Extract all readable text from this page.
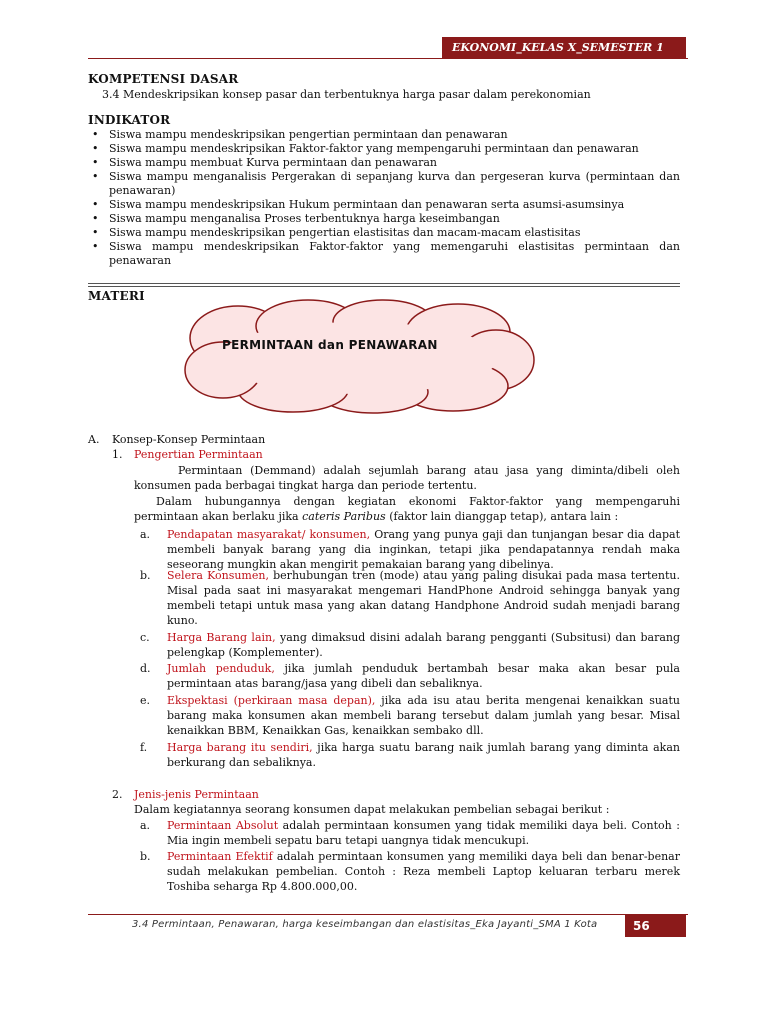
EKONOMI_KELAS X_SEMESTER 1
KOMPETENSI DASAR
3.4 Mendeskripsikan konsep pasar dan terbentuknya harga pasar dalam perekonomian
INDIKATOR
• Siswa mampu mendeskripsikan pengertian permintaan dan penawaran
• Siswa mampu mendeskripsikan Faktor-faktor yang mempengaruhi permintaan dan penawaran
• Siswa mampu membuat Kurva permintaan dan penawaran
• Siswa mampu menganalisis Pergerakan di sepanjang kurva dan pergeseran kurva (permintaan dan penawaran)
• Siswa mampu mendeskripsikan Hukum permintaan dan penawaran serta asumsi-asumsinya
• Siswa mampu menganalisa Proses terbentuknya harga keseimbangan
• Siswa mampu mendeskripsikan pengertian elastisitas dan macam-macam elastisitas
• Siswa mampu mendeskripsikan Faktor-faktor yang memengaruhi elastisitas permintaan dan penawaran
MATERI
PERMINTAAN dan PENAWARAN
A. Konsep-Konsep Permintaan
1. Pengertian Permintaan
Permintaan (Demmand) adalah sejumlah barang atau jasa yang diminta/dibeli oleh konsumen pada berbagai tingkat harga dan periode tertentu.
Dalam hubungannya dengan kegiatan ekonomi Faktor-faktor yang mempengaruhi permintaan akan berlaku jika cateris Paribus (faktor lain dianggap tetap), antara lain :
a.	Pendapatan masyarakat/ konsumen, Orang yang punya gaji dan tunjangan besar dia dapat membeli banyak barang yang dia inginkan, tetapi jika pendapatannya rendah maka seseorang mungkin akan mengirit pemakaian barang yang dibelinya.
b.	Selera Konsumen, berhubungan tren (mode) atau yang paling disukai pada masa tertentu. Misal pada saat ini masyarakat mengemari HandPhone Android sehingga banyak yang membeli tetapi untuk masa yang akan datang Handphone Android sudah menjadi barang kuno.
c.	Harga Barang lain, yang dimaksud disini adalah barang pengganti (Subsitusi) dan barang pelengkap (Komplementer).
d.	Jumlah penduduk, jika jumlah penduduk bertambah besar maka akan besar pula permintaan atas barang/jasa yang dibeli dan sebaliknya.
e.	Ekspektasi (perkiraan masa depan), jika ada isu atau berita mengenai kenaikkan suatu barang maka konsumen akan membeli barang tersebut dalam jumlah yang besar. Misal kenaikkan BBM, Kenaikkan Gas, kenaikkan sembako dll.
f.	Harga barang itu sendiri, jika harga suatu barang naik jumlah barang yang diminta akan berkurang dan sebaliknya.
2. Jenis-jenis Permintaan
Dalam kegiatannya seorang konsumen dapat melakukan pembelian sebagai berikut :
a.	Permintaan Absolut adalah permintaan konsumen yang tidak memiliki daya beli. Contoh : Mia ingin membeli sepatu baru tetapi uangnya tidak mencukupi.
b.	Permintaan Efektif adalah permintaan konsumen yang memiliki daya beli dan benar-benar sudah melakukan pembelian. Contoh : Reza membeli Laptop keluaran terbaru merek Toshiba seharga Rp 4.800.000,00.
3.4 Permintaan, Penawaran, harga keseimbangan dan elastisitas_Eka Jayanti_SMA 1 Kota	56
